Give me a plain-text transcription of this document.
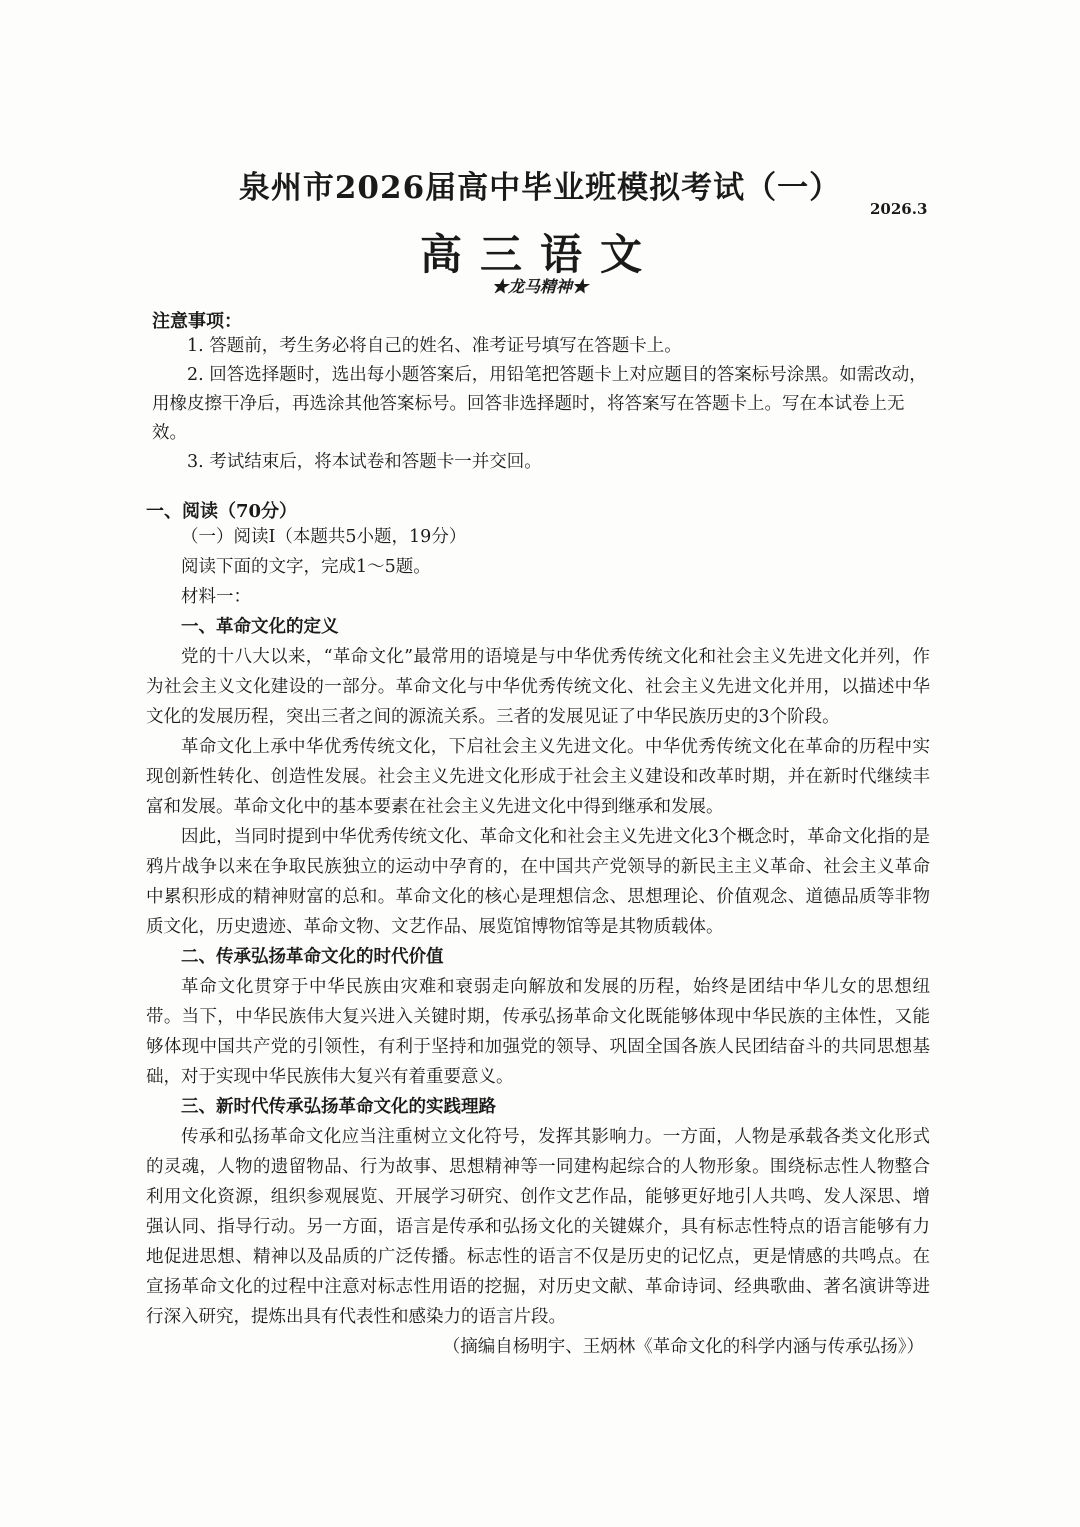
泉州市2026届高中毕业班模拟考试（一）
2026.3
高三语文
★龙马精神★
注意事项：

1. 答题前，考生务必将自己的姓名、准考证号填写在答题卡上。

2. 回答选择题时，选出每小题答案后，用铅笔把答题卡上对应题目的答案标号涂黑。如需改动，用橡皮擦干净后，再选涂其他答案标号。回答非选择题时，将答案写在答题卡上。写在本试卷上无效。

3. 考试结束后，将本试卷和答题卡一并交回。

一、阅读（70分）

（一）阅读Ⅰ（本题共5小题，19分）

阅读下面的文字，完成1～5题。

材料一：

一、革命文化的定义

党的十八大以来，“革命文化”最常用的语境是与中华优秀传统文化和社会主义先进文化并列，作为社会主义文化建设的一部分。革命文化与中华优秀传统文化、社会主义先进文化并用，以描述中华文化的发展历程，突出三者之间的源流关系。三者的发展见证了中华民族历史的3个阶段。

革命文化上承中华优秀传统文化，下启社会主义先进文化。中华优秀传统文化在革命的历程中实现创新性转化、创造性发展。社会主义先进文化形成于社会主义建设和改革时期，并在新时代继续丰富和发展。革命文化中的基本要素在社会主义先进文化中得到继承和发展。

因此，当同时提到中华优秀传统文化、革命文化和社会主义先进文化3个概念时，革命文化指的是鸦片战争以来在争取民族独立的运动中孕育的，在中国共产党领导的新民主主义革命、社会主义革命中累积形成的精神财富的总和。革命文化的核心是理想信念、思想理论、价值观念、道德品质等非物质文化，历史遗迹、革命文物、文艺作品、展览馆博物馆等是其物质载体。

二、传承弘扬革命文化的时代价值

革命文化贯穿于中华民族由灾难和衰弱走向解放和发展的历程，始终是团结中华儿女的思想纽带。当下，中华民族伟大复兴进入关键时期，传承弘扬革命文化既能够体现中华民族的主体性，又能够体现中国共产党的引领性，有利于坚持和加强党的领导、巩固全国各族人民团结奋斗的共同思想基础，对于实现中华民族伟大复兴有着重要意义。

三、新时代传承弘扬革命文化的实践理路

传承和弘扬革命文化应当注重树立文化符号，发挥其影响力。一方面，人物是承载各类文化形式的灵魂，人物的遗留物品、行为故事、思想精神等一同建构起综合的人物形象。围绕标志性人物整合利用文化资源，组织参观展览、开展学习研究、创作文艺作品，能够更好地引人共鸣、发人深思、增强认同、指导行动。另一方面，语言是传承和弘扬文化的关键媒介，具有标志性特点的语言能够有力地促进思想、精神以及品质的广泛传播。标志性的语言不仅是历史的记忆点，更是情感的共鸣点。在宣扬革命文化的过程中注意对标志性用语的挖掘，对历史文献、革命诗词、经典歌曲、著名演讲等进行深入研究，提炼出具有代表性和感染力的语言片段。

（摘编自杨明宇、王炳林《革命文化的科学内涵与传承弘扬》）
